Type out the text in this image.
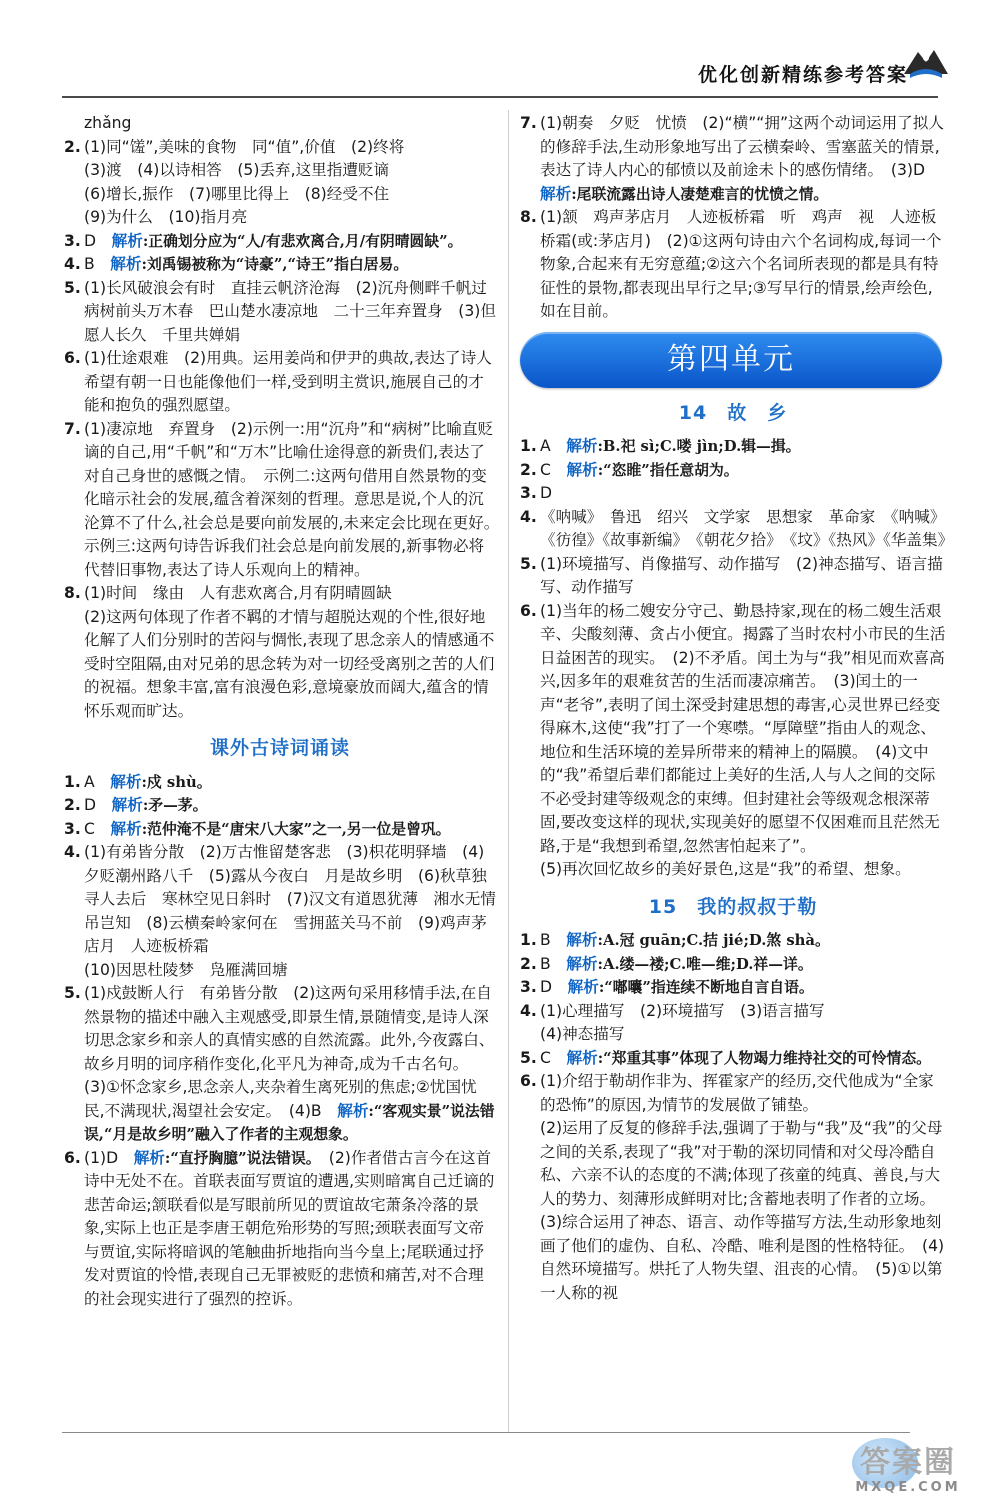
优化创新精练参考答案
zhǎng
2. (1)同“馐”,美味的食物　同“值”,价值　(2)终将
(3)渡　(4)以诗相答　(5)丢弃,这里指遭贬谪
(6)增长,振作　(7)哪里比得上　(8)经受不住
(9)为什么　(10)指月亮
3. D　解析:正确划分应为“人/有悲欢离合,月/有阴晴圆缺”。
4. B　解析:刘禹锡被称为“诗豪”,“诗王”指白居易。
5. (1)长风破浪会有时　直挂云帆济沧海　(2)沉舟侧畔千帆过　病树前头万木春　巴山楚水凄凉地　二十三年弃置身　(3)但愿人长久　千里共婵娟
6. (1)仕途艰难　(2)用典。运用姜尚和伊尹的典故,表达了诗人希望有朝一日也能像他们一样,受到明主赏识,施展自己的才能和抱负的强烈愿望。
7. (1)凄凉地　弃置身　(2)示例一:用“沉舟”和“病树”比喻直贬谪的自己,用“千帆”和“万木”比喻仕途得意的新贵们,表达了对自己身世的感慨之情。　示例二:这两句借用自然景物的变化暗示社会的发展,蕴含着深刻的哲理。意思是说,个人的沉沦算不了什么,社会总是要向前发展的,未来定会比现在更好。　示例三:这两句诗告诉我们社会总是向前发展的,新事物必将代替旧事物,表达了诗人乐观向上的精神。
8. (1)时间　缘由　人有悲欢离合,月有阴晴圆缺
(2)这两句体现了作者不羁的才情与超脱达观的个性,很好地化解了人们分别时的苦闷与惆怅,表现了思念亲人的情感通不受时空阻隔,由对兄弟的思念转为对一切经受离别之苦的人们的祝福。想象丰富,富有浪漫色彩,意境豪放而阔大,蕴含的情怀乐观而旷达。
课外古诗词诵读
1. A　解析:戍 shù。
2. D　解析:矛—茅。
3. C　解析:范仲淹不是“唐宋八大家”之一,另一位是曾巩。
4. (1)有弟皆分散　(2)万古惟留楚客悲　(3)枳花明驿墙　(4)夕贬潮州路八千　(5)露从今夜白　月是故乡明　(6)秋草独寻人去后　寒林空见日斜时　(7)汉文有道恩犹薄　湘水无情吊岂知　(8)云横秦岭家何在　雪拥蓝关马不前　(9)鸡声茅店月　人迹板桥霜
(10)因思杜陵梦　凫雁满回塘
5. (1)戍鼓断人行　有弟皆分散　(2)这两句采用移情手法,在自然景物的描述中融入主观感受,即景生情,景随情变,是诗人深切思念家乡和亲人的真情实感的自然流露。此外,今夜露白、故乡月明的词序稍作变化,化平凡为神奇,成为千古名句。　(3)①怀念家乡,思念亲人,夹杂着生离死别的焦虑;②忧国忧民,不满现状,渴望社会安定。　(4)B　解析:“客观实景”说法错误,“月是故乡明”融入了作者的主观想象。
6. (1)D　解析:“直抒胸臆”说法错误。　(2)作者借古言今在这首诗中无处不在。首联表面写贾谊的遭遇,实则暗寓自己迁谪的悲苦命运;颔联看似是写眼前所见的贾谊故宅萧条冷落的景象,实际上也正是李唐王朝危殆形势的写照;颈联表面写文帝与贾谊,实际将暗讽的笔触曲折地指向当今皇上;尾联通过抒发对贾谊的怜惜,表现自己无罪被贬的悲愤和痛苦,对不合理的社会现实进行了强烈的控诉。
7. (1)朝奏　夕贬　忧愤　(2)“横”“拥”这两个动词运用了拟人的修辞手法,生动形象地写出了云横秦岭、雪塞蓝关的情景,表达了诗人内心的郁愤以及前途未卜的感伤情绪。　(3)D　解析:尾联流露出诗人凄楚难言的忧愤之情。
8. (1)颔　鸡声茅店月　人迹板桥霜　听　鸡声　视　人迹板桥霜(或:茅店月)　(2)①这两句诗由六个名词构成,每词一个物象,合起来有无穷意蕴;②这六个名词所表现的都是具有特征性的景物,都表现出早行之早;③写早行的情景,绘声绘色,如在目前。
第四单元
14　故　乡
1. A　解析:B.祀 sì;C.喽 jìn;D.辑—揖。
2. C　解析:“恣睢”指任意胡为。
3. D
4. 《呐喊》　鲁迅　绍兴　文学家　思想家　革命家　《呐喊》《彷徨》《故事新编》　《朝花夕拾》　《坟》《热风》《华盖集》
5. (1)环境描写、肖像描写、动作描写　(2)神态描写、语言描写、动作描写
6. (1)当年的杨二嫂安分守己、勤恳持家,现在的杨二嫂生活艰辛、尖酸刻薄、贪占小便宜。揭露了当时农村小市民的生活日益困苦的现实。　(2)不矛盾。闰土为与“我”相见而欢喜高兴,因多年的艰难贫苦的生活而凄凉痛苦。　(3)闰土的一声“老爷”,表明了闰土深受封建思想的毒害,心灵世界已经变得麻木,这使“我”打了一个寒噤。“厚障壁”指由人的观念、地位和生活环境的差异所带来的精神上的隔膜。　(4)文中的“我”希望后辈们都能过上美好的生活,人与人之间的交际不必受封建等级观念的束缚。但封建社会等级观念根深蒂固,要改变这样的现状,实现美好的愿望不仅困难而且茫然无路,于是“我想到希望,忽然害怕起来了”。
(5)再次回忆故乡的美好景色,这是“我”的希望、想象。
15　我的叔叔于勒
1. B　解析:A.冠 guān;C.拮 jié;D.煞 shà。
2. B　解析:A.缕—褛;C.唯—维;D.祥—详。
3. D　解析:“嘟囔”指连续不断地自言自语。
4. (1)心理描写　(2)环境描写　(3)语言描写
(4)神态描写
5. C　解析:“郑重其事”体现了人物竭力维持社交的可怜情态。
6. (1)介绍于勒胡作非为、挥霍家产的经历,交代他成为“全家的恐怖”的原因,为情节的发展做了铺垫。
(2)运用了反复的修辞手法,强调了于勒与“我”及“我”的父母之间的关系,表现了“我”对于勒的深切同情和对父母冷酷自私、六亲不认的态度的不满;体现了孩童的纯真、善良,与大人的势力、刻薄形成鲜明对比;含蓄地表明了作者的立场。　(3)综合运用了神态、语言、动作等描写方法,生动形象地刻画了他们的虚伪、自私、冷酷、唯利是图的性格特征。　(4)自然环境描写。烘托了人物失望、沮丧的心情。　(5)①以第一人称的视
答案圈
MXQE.COM
